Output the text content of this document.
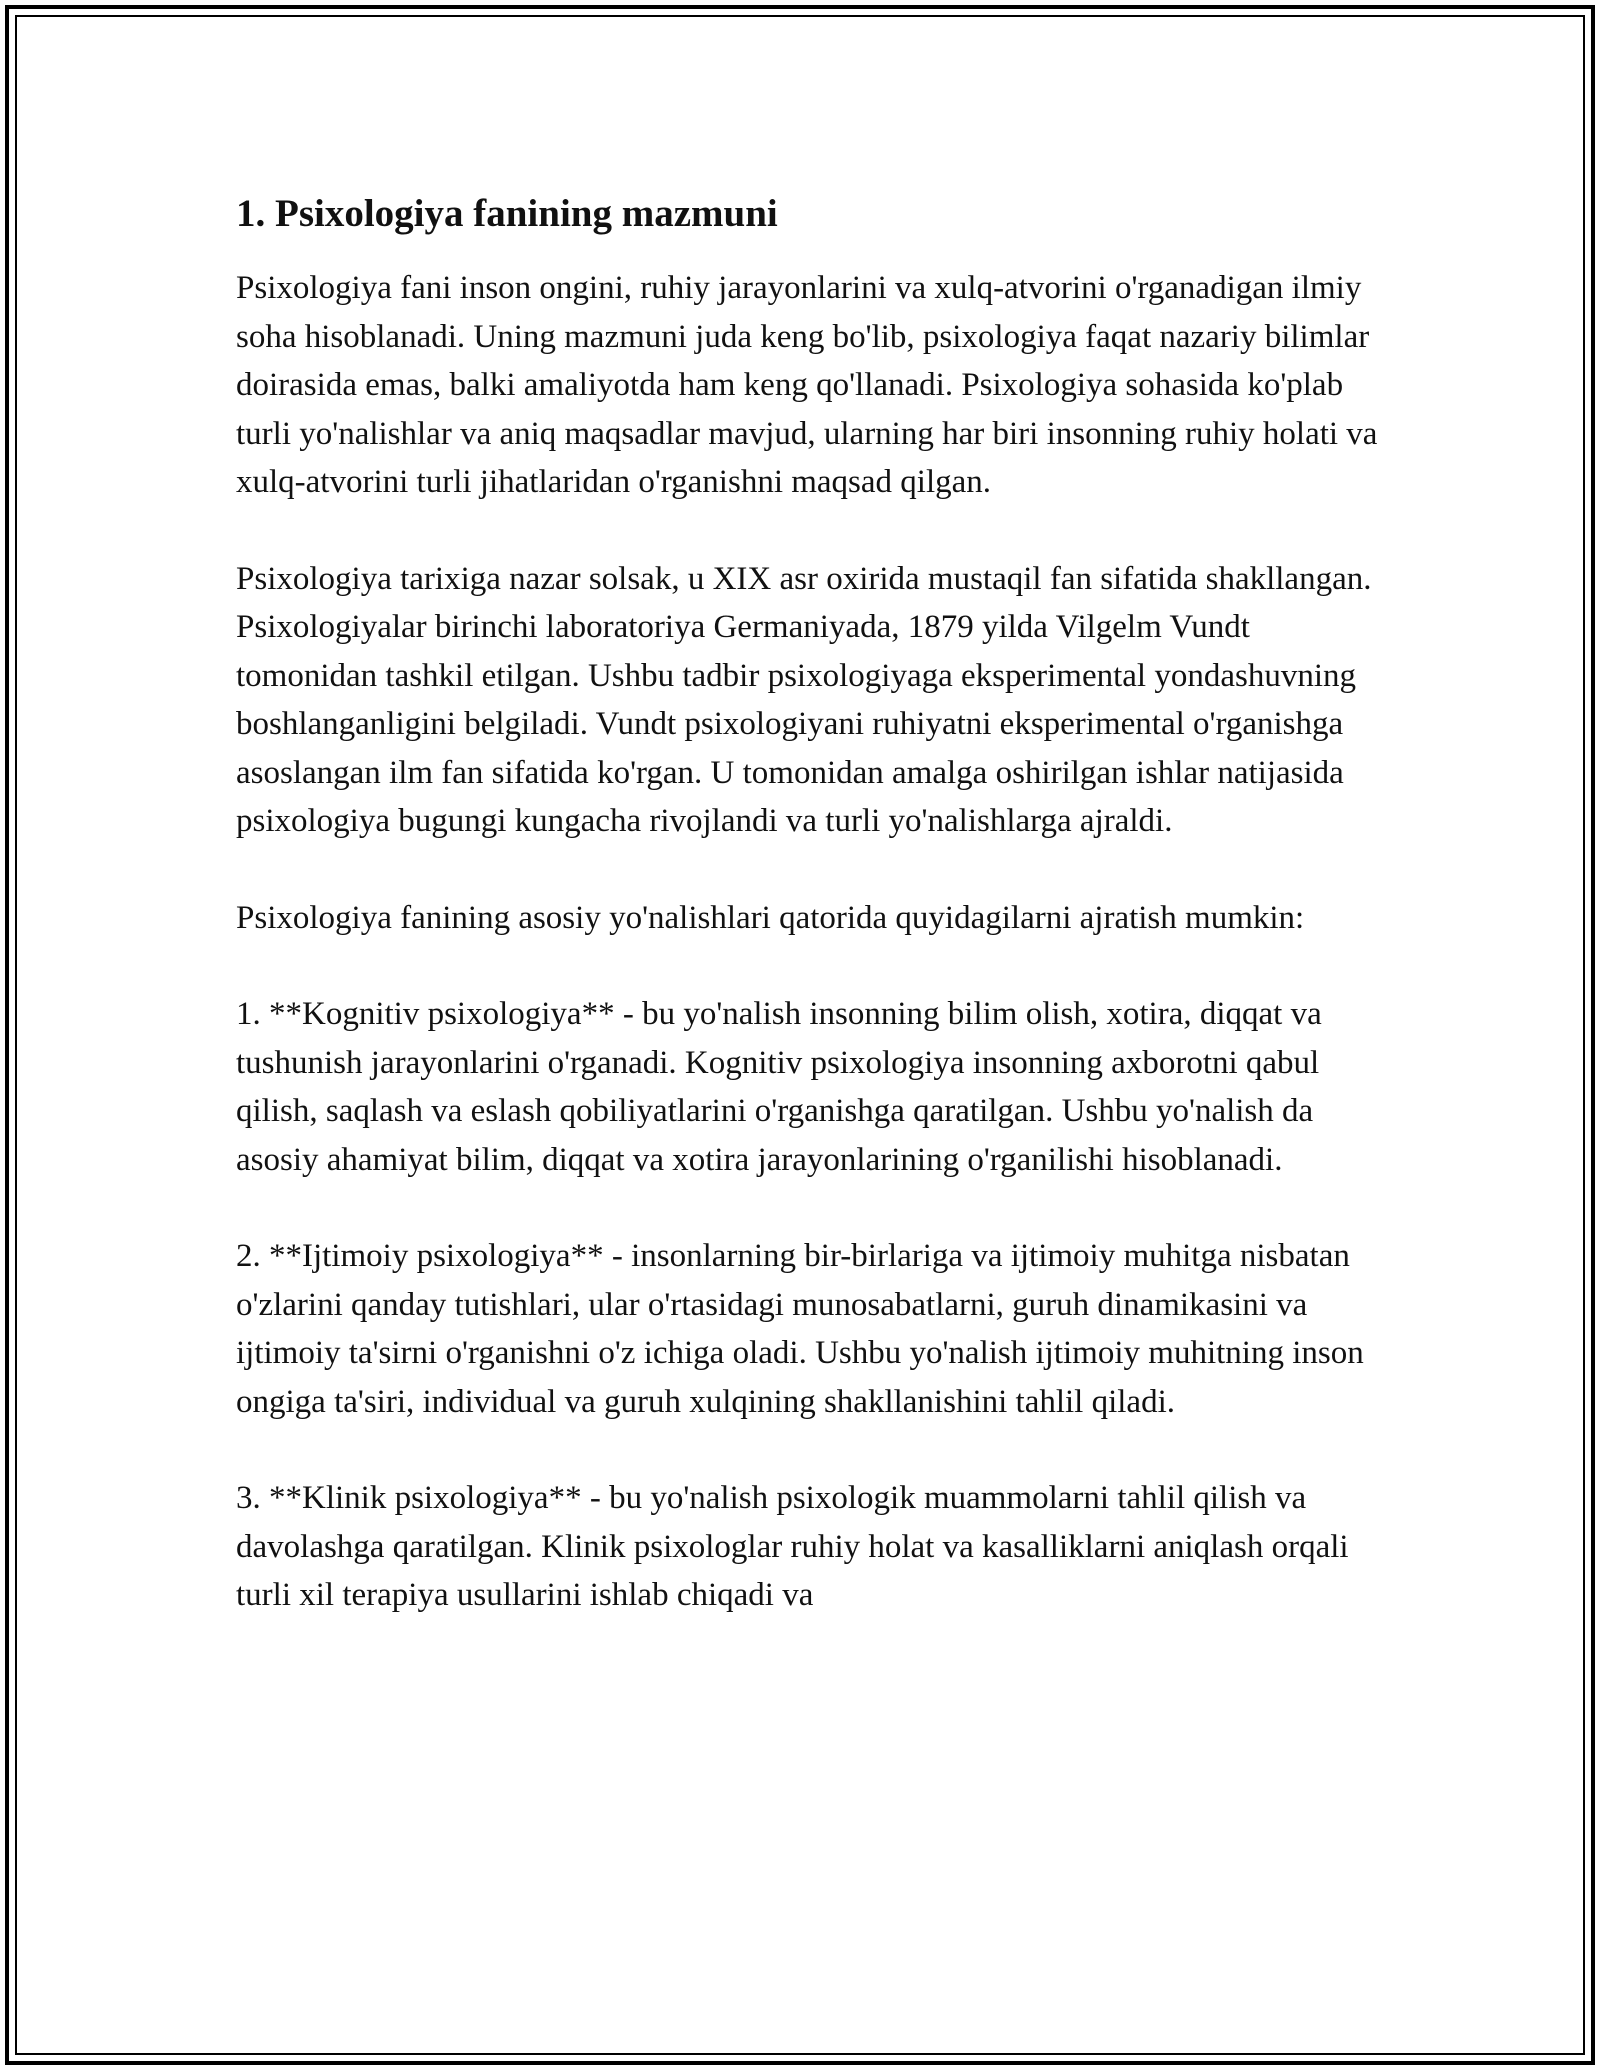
1. Psixologiya fanining mazmuni

Psixologiya fani inson ongini, ruhiy jarayonlarini va xulq-atvorini o'rganadigan ilmiy soha hisoblanadi. Uning mazmuni juda keng bo'lib, psixologiya faqat nazariy bilimlar doirasida emas, balki amaliyotda ham keng qo'llanadi. Psixologiya sohasida ko'plab turli yo'nalishlar va aniq maqsadlar mavjud, ularning har biri insonning ruhiy holati va xulq-atvorini turli jihatlaridan o'rganishni maqsad qilgan.

Psixologiya tarixiga nazar solsak, u XIX asr oxirida mustaqil fan sifatida shakllangan. Psixologiyalar birinchi laboratoriya Germaniyada, 1879 yilda Vilgelm Vundt tomonidan tashkil etilgan. Ushbu tadbir psixologiyaga eksperimental yondashuvning boshlanganligini belgiladi. Vundt psixologiyani ruhiyatni eksperimental o'rganishga asoslangan ilm fan sifatida ko'rgan. U tomonidan amalga oshirilgan ishlar natijasida psixologiya bugungi kungacha rivojlandi va turli yo'nalishlarga ajraldi.

Psixologiya fanining asosiy yo'nalishlari qatorida quyidagilarni ajratish mumkin:

1. **Kognitiv psixologiya** - bu yo'nalish insonning bilim olish, xotira, diqqat va tushunish jarayonlarini o'rganadi. Kognitiv psixologiya insonning axborotni qabul qilish, saqlash va eslash qobiliyatlarini o'rganishga qaratilgan. Ushbu yo'nalish da asosiy ahamiyat bilim, diqqat va xotira jarayonlarining o'rganilishi hisoblanadi.

2. **Ijtimoiy psixologiya** - insonlarning bir-birlariga va ijtimoiy muhitga nisbatan o'zlarini qanday tutishlari, ular o'rtasidagi munosabatlarni, guruh dinamikasini va ijtimoiy ta'sirni o'rganishni o'z ichiga oladi. Ushbu yo'nalish ijtimoiy muhitning inson ongiga ta'siri, individual va guruh xulqining shakllanishini tahlil qiladi.

3. **Klinik psixologiya** - bu yo'nalish psixologik muammolarni tahlil qilish va davolashga qaratilgan. Klinik psixologlar ruhiy holat va kasalliklarni aniqlash orqali turli xil terapiya usullarini ishlab chiqadi va
